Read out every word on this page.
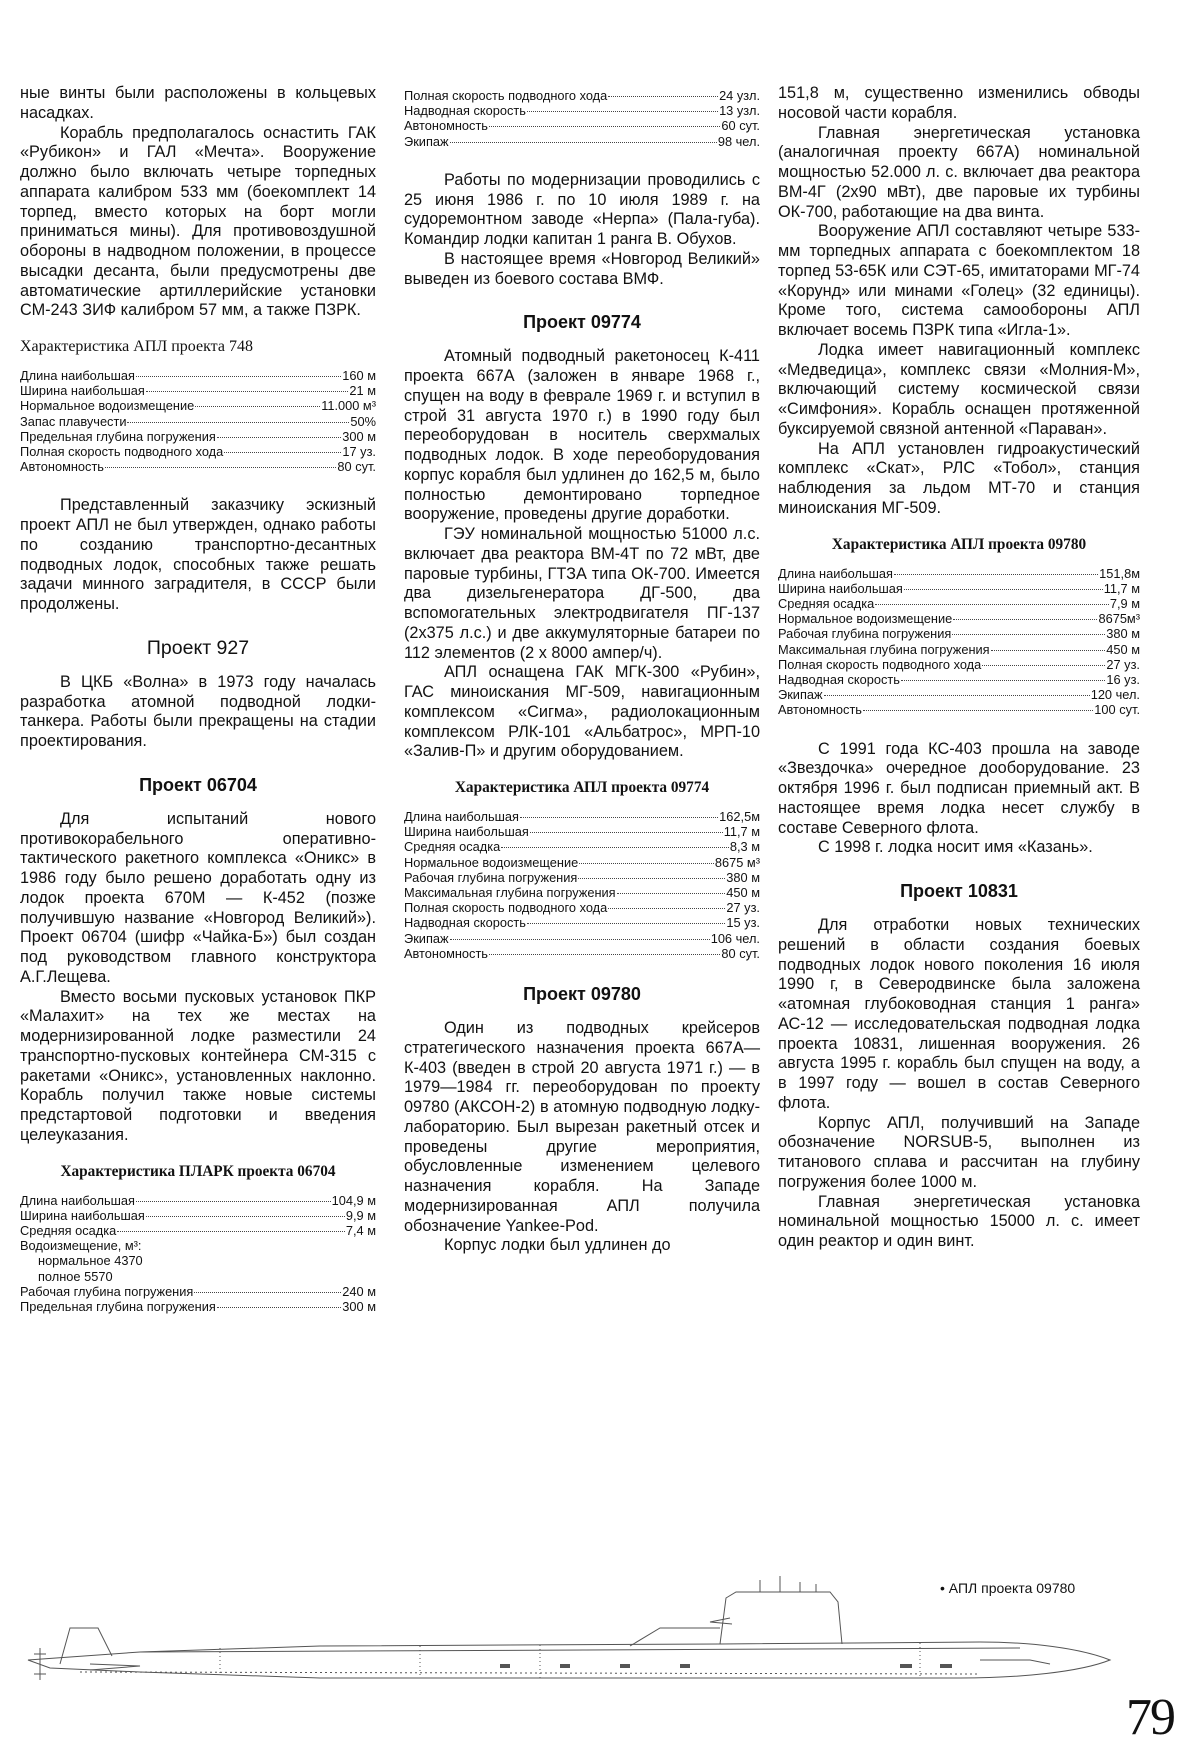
ные винты были расположены в кольцевых насадках.

Корабль предполагалось оснастить ГАК «Рубикон» и ГАЛ «Мечта». Вооружение должно было включать четыре торпедных аппарата калибром 533 мм (боекомплект 14 торпед, вместо которых на борт могли приниматься мины). Для противовоздушной обороны в надводном положении, в процессе высадки десанта, были предусмотрены две автоматические артиллерийские установки СМ-243 ЗИФ калибром 57 мм, а также ПЗРК.

Характеристика АПЛ проекта 748
Длина наибольшая	160 м
Ширина наибольшая	21 м
Нормальное водоизмещение	11.000 м³
Запас плавучести	50%
Предельная глубина погружения	300 м
Полная скорость подводного хода	17 уз.
Автономность	80 сут.

Представленный заказчику эскизный проект АПЛ не был утвержден, однако работы по созданию транспортно-десантных подводных лодок, способных также решать задачи минного заградителя, в СССР были продолжены.

Проект 927

В ЦКБ «Волна» в 1973 году началась разработка атомной подводной лодки-танкера. Работы были прекращены на стадии проектирования.

Проект 06704

Для испытаний нового противокорабельного оперативно-тактического ракетного комплекса «Оникс» в 1986 году было решено доработать одну из лодок проекта 670М — К-452 (позже получившую название «Новгород Великий»). Проект 06704 (шифр «Чайка-Б») был создан под руководством главного конструктора А.Г.Лещева.

Вместо восьми пусковых установок ПКР «Малахит» на тех же местах на модернизированной лодке разместили 24 транспортно-пусковых контейнера СМ-315 с ракетами «Оникс», установленных наклонно. Корабль получил также новые системы предстартовой подготовки и введения целеуказания.

Характеристика ПЛАРК проекта 06704
Длина наибольшая	104,9 м
Ширина наибольшая	9,9 м
Средняя осадка	7,4 м
Водоизмещение, м³:
нормальное 4370
полное 5570
Рабочая глубина погружения	240 м
Предельная глубина погружения	300 м
Полная скорость подводного хода	24 узл.
Надводная скорость	13 узл.
Автономность	60 сут.
Экипаж	98 чел.

Работы по модернизации проводились с 25 июня 1986 г. по 10 июля 1989 г. на судоремонтном заводе «Нерпа» (Пала-губа). Командир лодки капитан 1 ранга В. Обухов.

В настоящее время «Новгород Великий» выведен из боевого состава ВМФ.

Проект 09774

Атомный подводный ракетоносец К-411 проекта 667А (заложен в январе 1968 г., спущен на воду в феврале 1969 г. и вступил в строй 31 августа 1970 г.) в 1990 году был переоборудован в носитель сверхмалых подводных лодок. В ходе переоборудования корпус корабля был удлинен до 162,5 м, было полностью демонтировано торпедное вооружение, проведены другие доработки.

ГЭУ номинальной мощностью 51000 л.с. включает два реактора ВМ-4Т по 72 мВт, две паровые турбины, ГТЗА типа ОК-700. Имеется два дизельгенератора ДГ-500, два вспомогательных электродвигателя ПГ-137 (2х375 л.с.) и две аккумуляторные батареи по 112 элементов (2 х 8000 ампер/ч).

АПЛ оснащена ГАК МГК-300 «Рубин», ГАС миноискания МГ-509, навигационным комплексом «Сигма», радиолокационным комплексом РЛК-101 «Альбатрос», МРП-10 «Залив-П» и другим оборудованием.

Характеристика АПЛ проекта 09774
Длина наибольшая	162,5м
Ширина наибольшая	11,7 м
Средняя осадка	8,3 м
Нормальное водоизмещение	8675 м³
Рабочая глубина погружения	380 м
Максимальная глубина погружения	450 м
Полная скорость подводного хода	27 уз.
Надводная скорость	15 уз.
Экипаж	106 чел.
Автономность	80 сут.
Проект 09780

Один из подводных крейсеров стратегического назначения проекта 667А— К-403 (введен в строй 20 августа 1971 г.) — в 1979—1984 гг. переоборудован по проекту 09780 (АКСОН-2) в атомную подводную лодку-лабораторию. Был вырезан ракетный отсек и проведены другие мероприятия, обусловленные изменением целевого назначения корабля. На Западе модернизированная АПЛ получила обозначение Yankee-Pod.

Корпус лодки был удлинен до

151,8 м, существенно изменились обводы носовой части корабля.

Главная энергетическая установка (аналогичная проекту 667А) номинальной мощностью 52.000 л. с. включает два реактора ВМ-4Г (2х90 мВт), две паровые их турбины ОК-700, работающие на два винта.

Вооружение АПЛ составляют четыре 533-мм торпедных аппарата с боекомплектом 18 торпед 53-65К или СЭТ-65, имитаторами МГ-74 «Корунд» или минами «Голец» (32 единицы). Кроме того, система самообороны АПЛ включает восемь ПЗРК типа «Игла-1».

Лодка имеет навигационный комплекс «Медведица», комплекс связи «Молния-М», включающий систему космической связи «Симфония». Корабль оснащен протяженной буксируемой связной антенной «Параван».

На АПЛ установлен гидроакустический комплекс «Скат», РЛС «Тобол», станция наблюдения за льдом МТ-70 и станция миноискания МГ-509.

Характеристика АПЛ проекта 09780
Длина наибольшая	151,8м
Ширина наибольшая	11,7 м
Средняя осадка	7,9 м
Нормальное водоизмещение	8675м³
Рабочая глубина погружения	380 м
Максимальная глубина погружения	450 м
Полная скорость подводного хода	27 уз.
Надводная скорость	16 уз.
Экипаж	120 чел.
Автономность	100 сут.

С 1991 года КС-403 прошла на заводе «Звездочка» очередное дооборудование. 23 октября 1996 г. был подписан приемный акт. В настоящее время лодка несет службу в составе Северного флота.

С 1998 г. лодка носит имя «Казань».

Проект 10831

Для отработки новых технических решений в области создания боевых подводных лодок нового поколения 16 июля 1990 г, в Северодвинске была заложена «атомная глубоководная станция 1 ранга» АС-12 — исследовательская подводная лодка проекта 10831, лишенная вооружения. 26 августа 1995 г. корабль был спущен на воду, а в 1997 году — вошел в состав Северного флота.

Корпус АПЛ, получивший на Западе обозначение NORSUB-5, выполнен из титанового сплава и рассчитан на глубину погружения более 1000 м.

Главная энергетическая установка номинальной мощностью 15000 л. с. имеет один реактор и один винт.

• АПЛ проекта 09780
79
